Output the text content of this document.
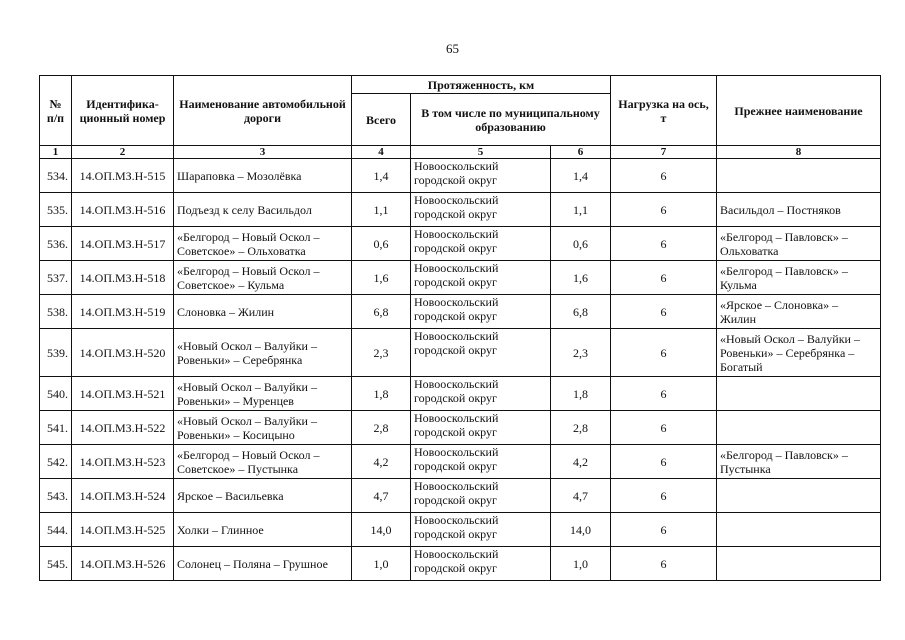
65
№ п/п	Идентифика-ционный номер	Наименование автомобильной дороги	Протяженность, км			Нагрузка на ось, т	Прежнее наименование
			Всего	В том числе по муниципальному образованию			
1	2	3	4	5	6	7	8
534.	14.ОП.МЗ.Н-515	Шараповка – Мозолёвка	1,4	Новооскольский городской округ	1,4	6	
535.	14.ОП.МЗ.Н-516	Подъезд к селу Васильдол	1,1	Новооскольский городской округ	1,1	6	Васильдол – Постняков
536.	14.ОП.МЗ.Н-517	«Белгород – Новый Оскол – Советское» – Ольховатка	0,6	Новооскольский городской округ	0,6	6	«Белгород – Павловск» – Ольховатка
537.	14.ОП.МЗ.Н-518	«Белгород – Новый Оскол – Советское» – Кульма	1,6	Новооскольский городской округ	1,6	6	«Белгород – Павловск» – Кульма
538.	14.ОП.МЗ.Н-519	Слоновка – Жилин	6,8	Новооскольский городской округ	6,8	6	«Ярское – Слоновка» – Жилин
539.	14.ОП.МЗ.Н-520	«Новый Оскол – Валуйки – Ровеньки» – Серебрянка	2,3	Новооскольский городской округ	2,3	6	«Новый Оскол – Валуйки – Ровеньки» – Серебрянка – Богатый
540.	14.ОП.МЗ.Н-521	«Новый Оскол – Валуйки – Ровеньки» – Муренцев	1,8	Новооскольский городской округ	1,8	6	
541.	14.ОП.МЗ.Н-522	«Новый Оскол – Валуйки – Ровеньки» – Косицыно	2,8	Новооскольский городской округ	2,8	6	
542.	14.ОП.МЗ.Н-523	«Белгород – Новый Оскол – Советское» – Пустынка	4,2	Новооскольский городской округ	4,2	6	«Белгород – Павловск» – Пустынка
543.	14.ОП.МЗ.Н-524	Ярское – Васильевка	4,7	Новооскольский городской округ	4,7	6	
544.	14.ОП.МЗ.Н-525	Холки – Глинное	14,0	Новооскольский городской округ	14,0	6	
545.	14.ОП.МЗ.Н-526	Солонец – Поляна – Грушное	1,0	Новооскольский городской округ	1,0	6	
